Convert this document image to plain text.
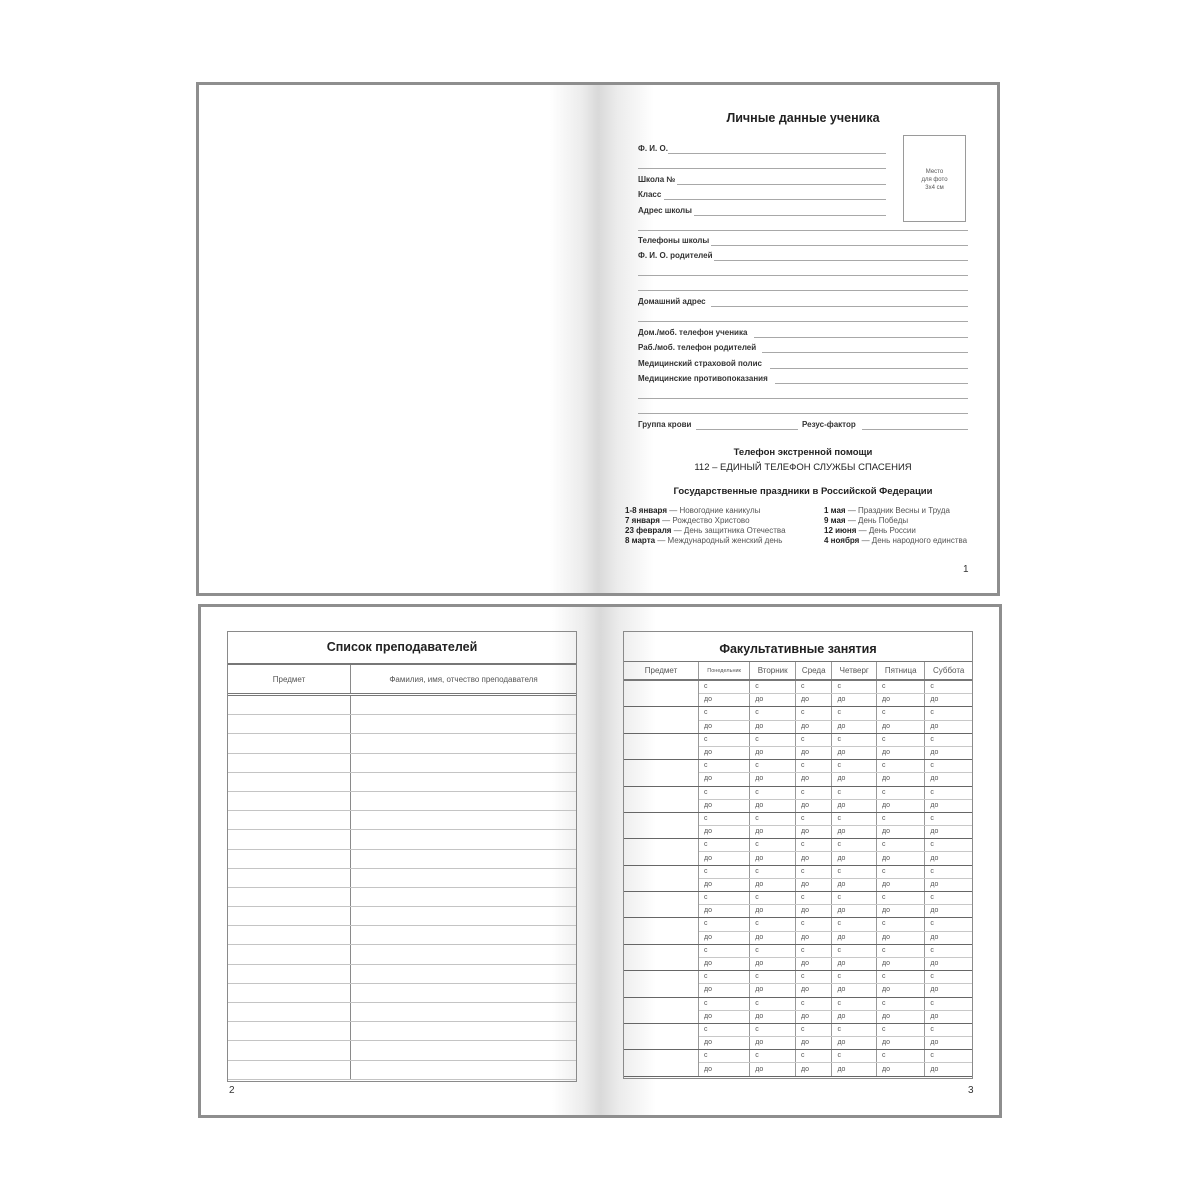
Личные данные ученика
Ф. И. О.
Школа №
Класс
Адрес школы
Телефоны школы
Ф. И. О. родителей
Домашний адрес
Дом./моб. телефон ученика
Раб./моб. телефон родителей
Медицинский страховой полис
Медицинские противопоказания
Группа крови	Резус-фактор
Место
для фото
3х4 см
Телефон экстренной помощи
112 – ЕДИНЫЙ ТЕЛЕФОН СЛУЖБЫ СПАСЕНИЯ
Государственные праздники в Российской Федерации
1-8 января — Новогодние каникулы
7 января — Рождество Христово
23 февраля — День защитника Отечества
8 марта — Международный женский день
1 мая — Праздник Весны и Труда
9 мая — День Победы
12 июня — День России
4 ноября — День народного единства
1
Список преподавателей
Предмет	Фамилия, имя, отчество преподавателя

2
Факультативные занятия
Предмет	Понедельник	Вторник	Среда	Четверг	Пятница	Суббота
	с	с	с	с	с	с
	до	до	до	до	до	до
	с	с	с	с	с	с
	до	до	до	до	до	до
	с	с	с	с	с	с
	до	до	до	до	до	до
	с	с	с	с	с	с
	до	до	до	до	до	до
	с	с	с	с	с	с
	до	до	до	до	до	до
	с	с	с	с	с	с
	до	до	до	до	до	до
	с	с	с	с	с	с
	до	до	до	до	до	до
	с	с	с	с	с	с
	до	до	до	до	до	до
	с	с	с	с	с	с
	до	до	до	до	до	до
	с	с	с	с	с	с
	до	до	до	до	до	до
	с	с	с	с	с	с
	до	до	до	до	до	до
	с	с	с	с	с	с
	до	до	до	до	до	до
	с	с	с	с	с	с
	до	до	до	до	до	до
	с	с	с	с	с	с
	до	до	до	до	до	до
	с	с	с	с	с	с
	до	до	до	до	до	до
3
